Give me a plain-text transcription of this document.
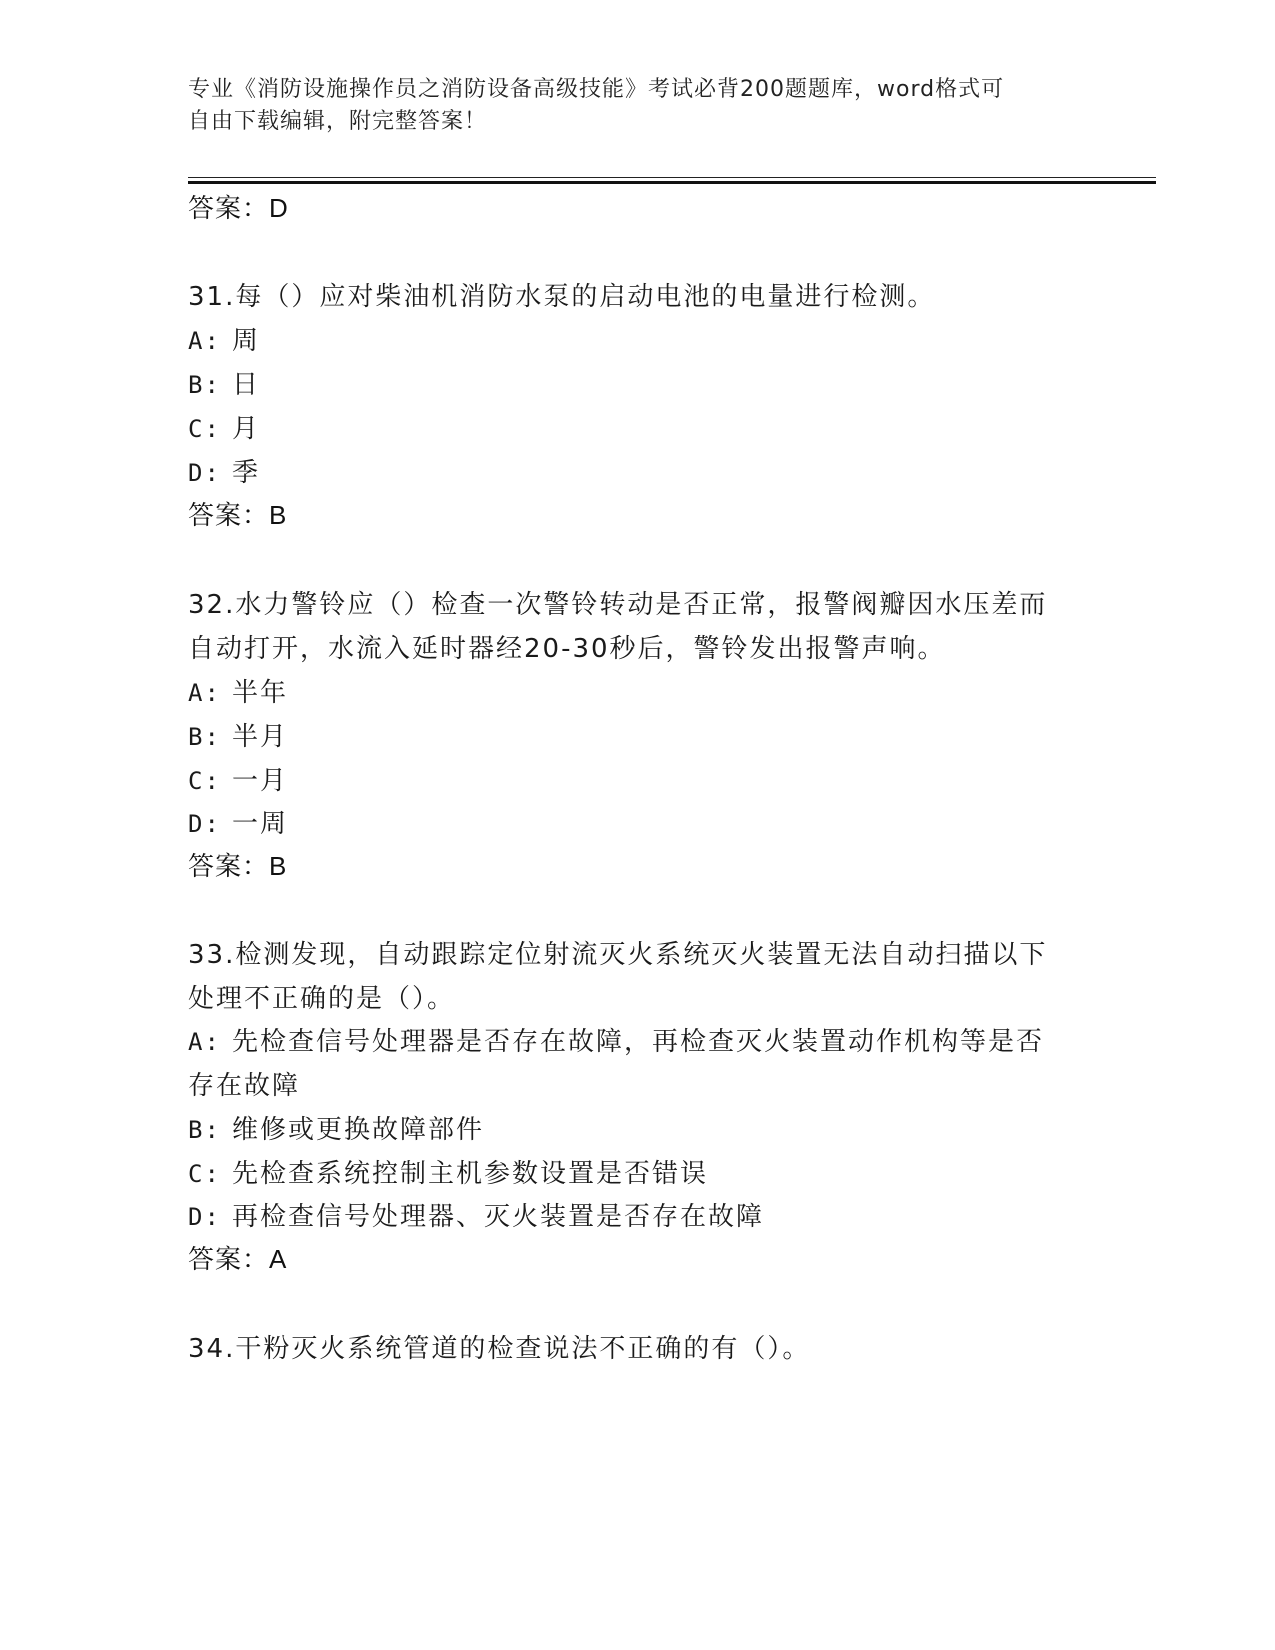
专业《消防设施操作员之消防设备高级技能》考试必背200题题库，word格式可
自由下载编辑，附完整答案！
答案：D
31.每（）应对柴油机消防水泵的启动电池的电量进行检测。
A: 周
B: 日
C: 月
D: 季
答案：B
32.水力警铃应（）检查一次警铃转动是否正常，报警阀瓣因水压差而
自动打开，水流入延时器经20-30秒后，警铃发出报警声响。
A: 半年
B: 半月
C: 一月
D: 一周
答案：B
33.检测发现，自动跟踪定位射流灭火系统灭火装置无法自动扫描以下
处理不正确的是（）。
A: 先检查信号处理器是否存在故障，再检查灭火装置动作机构等是否
存在故障
B: 维修或更换故障部件
C: 先检查系统控制主机参数设置是否错误
D: 再检查信号处理器、灭火装置是否存在故障
答案：A
34.干粉灭火系统管道的检查说法不正确的有（）。
